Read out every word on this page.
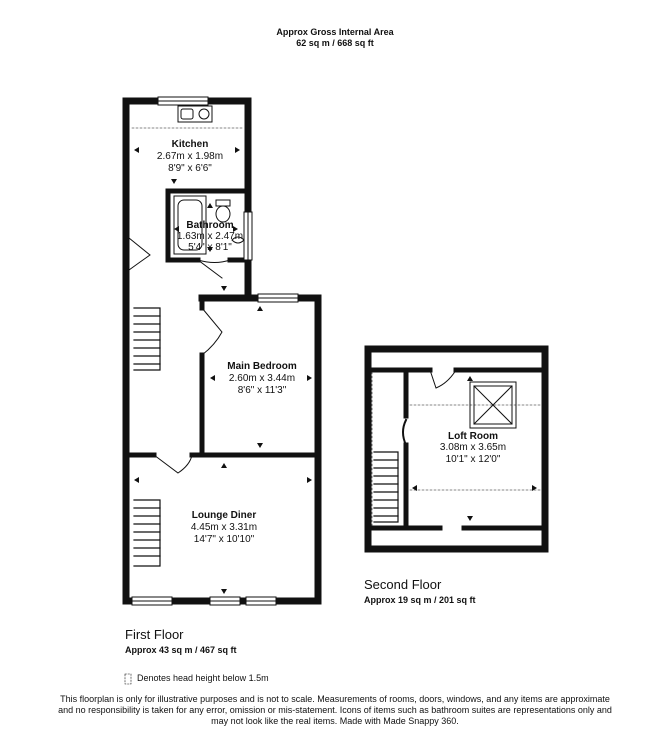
Approx Gross Internal Area
62 sq m / 668 sq ft
Kitchen
2.67m x 1.98m
8'9" x 6'6"
Bathroom
1.63m x 2.47m
5'4" x 8'1"
Main Bedroom
2.60m x 3.44m
8'6" x 11'3"
Lounge Diner
4.45m x 3.31m
14'7" x 10'10"
Loft Room
3.08m x 3.65m
10'1" x 12'0"
Second Floor
Approx 19 sq m / 201 sq ft
First Floor
Approx 43 sq m / 467 sq ft
Denotes head height below 1.5m
This floorplan is only for illustrative purposes and is not to scale. Measurements of rooms, doors, windows, and any items are approximate
and no responsibility is taken for any error, omission or mis-statement. Icons of items such as bathroom suites are representations only and
may not look like the real items. Made with Made Snappy 360.
